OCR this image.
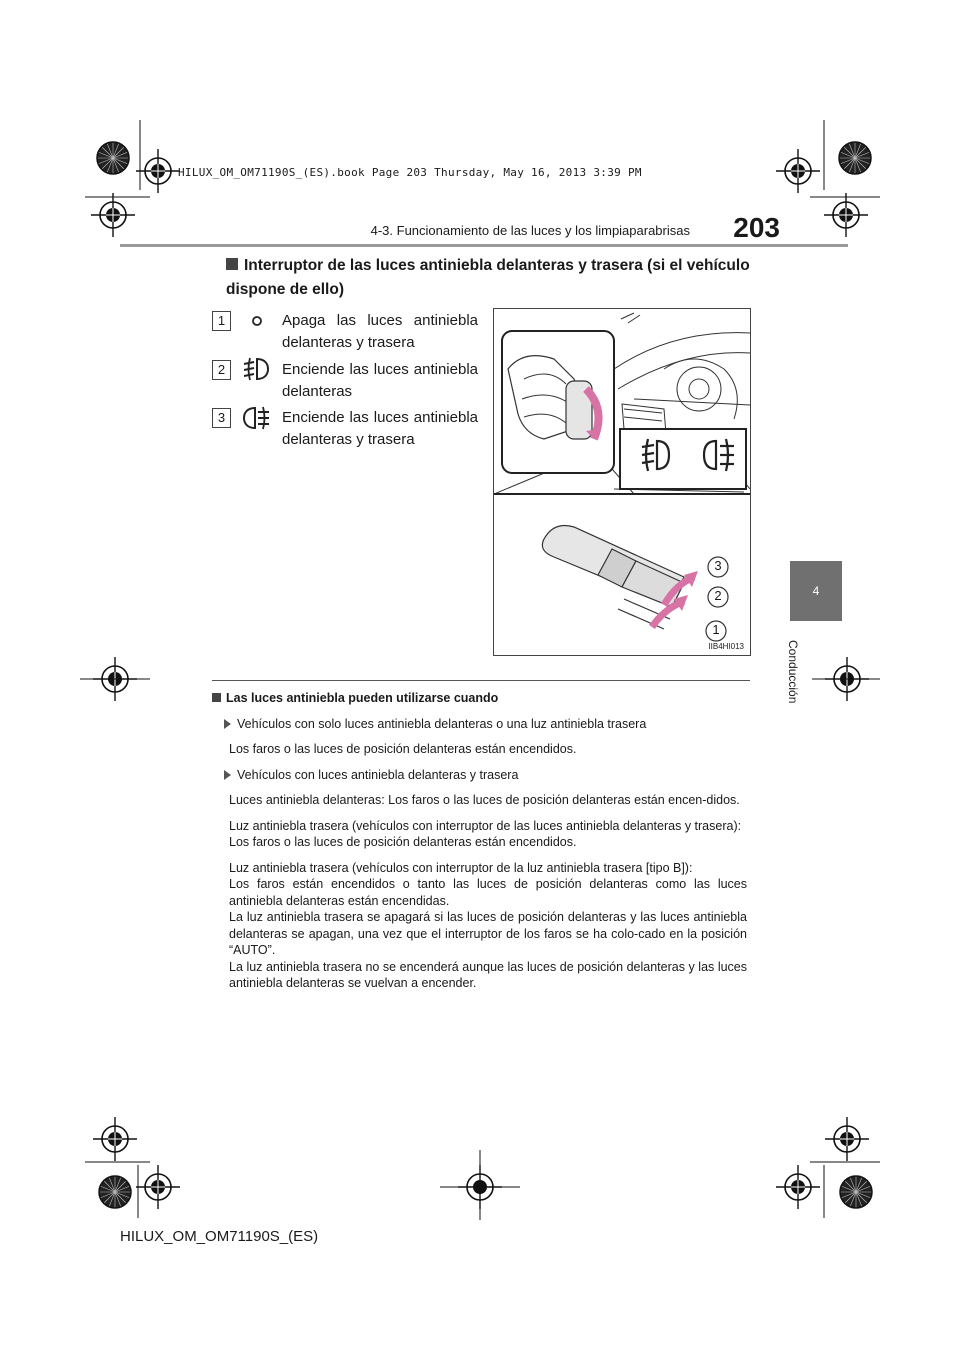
HILUX_OM_OM71190S_(ES).book Page 203 Thursday, May 16, 2013 3:39 PM
4-3. Funcionamiento de las luces y los limpiaparabrisas	203
4
Conducción
Interruptor de las luces antiniebla delanteras y trasera (si el vehículo dispone de ello)
1	Apaga las luces antiniebla delanteras y trasera
2	Enciende las luces antiniebla delanteras
3	Enciende las luces antiniebla delanteras y trasera
3
2
1
IIB4HI013

Las luces antiniebla pueden utilizarse cuando

Vehículos con solo luces antiniebla delanteras o una luz antiniebla trasera

Los faros o las luces de posición delanteras están encendidos.

Vehículos con luces antiniebla delanteras y trasera

Luces antiniebla delanteras: Los faros o las luces de posición delanteras están encen-didos.

Luz antiniebla trasera (vehículos con interruptor de las luces antiniebla delanteras y trasera):
Los faros o las luces de posición delanteras están encendidos.

Luz antiniebla trasera (vehículos con interruptor de la luz antiniebla trasera [tipo B]):
Los faros están encendidos o tanto las luces de posición delanteras como las luces antiniebla delanteras están encendidas.
La luz antiniebla trasera se apagará si las luces de posición delanteras y las luces antiniebla delanteras se apagan, una vez que el interruptor de los faros se ha colo-cado en la posición “AUTO”.
La luz antiniebla trasera no se encenderá aunque las luces de posición delanteras y las luces antiniebla delanteras se vuelvan a encender.

HILUX_OM_OM71190S_(ES)
